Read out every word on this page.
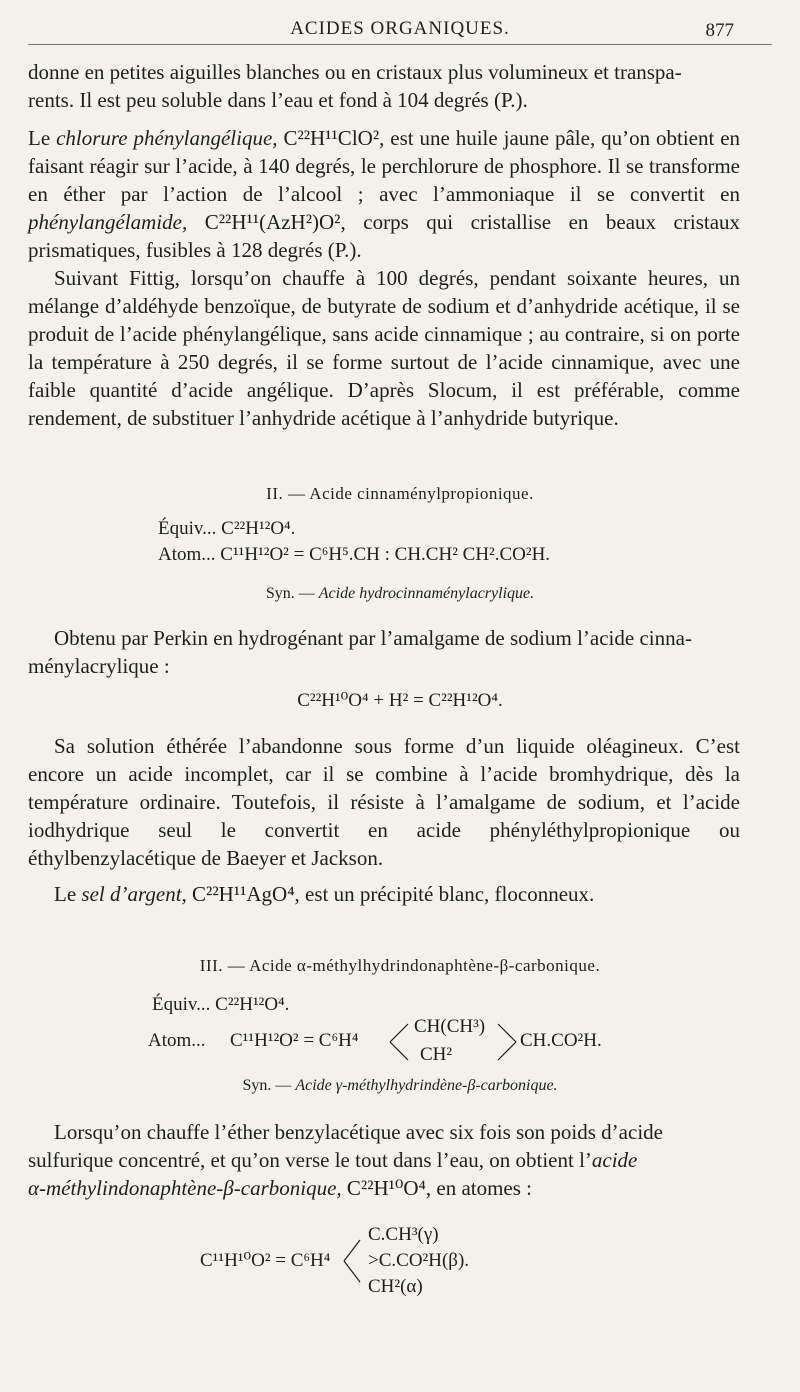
ACIDES ORGANIQUES.	877
donne en petites aiguilles blanches ou en cristaux plus volumineux et transpa-
rents. Il est peu soluble dans l’eau et fond à 104 degrés (P.).
Le chlorure phénylangélique, C²²H¹¹ClO², est une huile jaune pâle, qu’on obtient en faisant réagir sur l’acide, à 140 degrés, le perchlorure de phosphore. Il se transforme en éther par l’action de l’alcool ; avec l’ammoniaque il se convertit en phénylangélamide, C²²H¹¹(AzH²)O², corps qui cristallise en beaux cristaux prismatiques, fusibles à 128 degrés (P.).
Suivant Fittig, lorsqu’on chauffe à 100 degrés, pendant soixante heures, un mélange d’aldéhyde benzoïque, de butyrate de sodium et d’anhydride acétique, il se produit de l’acide phénylangélique, sans acide cinnamique ; au contraire, si on porte la température à 250 degrés, il se forme surtout de l’acide cinnamique, avec une faible quantité d’acide angélique. D’après Slocum, il est préférable, comme rendement, de substituer l’anhydride acétique à l’anhydride butyrique.
II. — Acide cinnaménylpropionique.
Équiv... C²²H¹²O⁴.
Atom... C¹¹H¹²O² = C⁶H⁵.CH : CH.CH² CH².CO²H.
Syn. — Acide hydrocinnaménylacrylique.
Obtenu par Perkin en hydrogénant par l’amalgame de sodium l’acide cinna-
ménylacrylique :
C²²H¹⁰O⁴ + H² = C²²H¹²O⁴.
Sa solution éthérée l’abandonne sous forme d’un liquide oléagineux. C’est encore un acide incomplet, car il se combine à l’acide bromhydrique, dès la température ordinaire. Toutefois, il résiste à l’amalgame de sodium, et l’acide iodhydrique seul le convertit en acide phényléthylpropionique ou éthylbenzylacétique de Baeyer et Jackson.
Le sel d’argent, C²²H¹¹AgO⁴, est un précipité blanc, floconneux.
III. — Acide α-méthylhydrindonaphtène-β-carbonique.
Équiv... C²²H¹²O⁴.
Atom... C¹¹H¹²O² = C⁶H⁴
CH(CH³)
CH²
CH.CO²H.
Syn. — Acide γ-méthylhydrindène-β-carbonique.
Lorsqu’on chauffe l’éther benzylacétique avec six fois son poids d’acide
sulfurique concentré, et qu’on verse le tout dans l’eau, on obtient l’acide
α-méthylindonaphtène-β-carbonique, C²²H¹⁰O⁴, en atomes :
C¹¹H¹⁰O² = C⁶H⁴
C.CH³(γ)
>C.CO²H(β).
CH²(α)
